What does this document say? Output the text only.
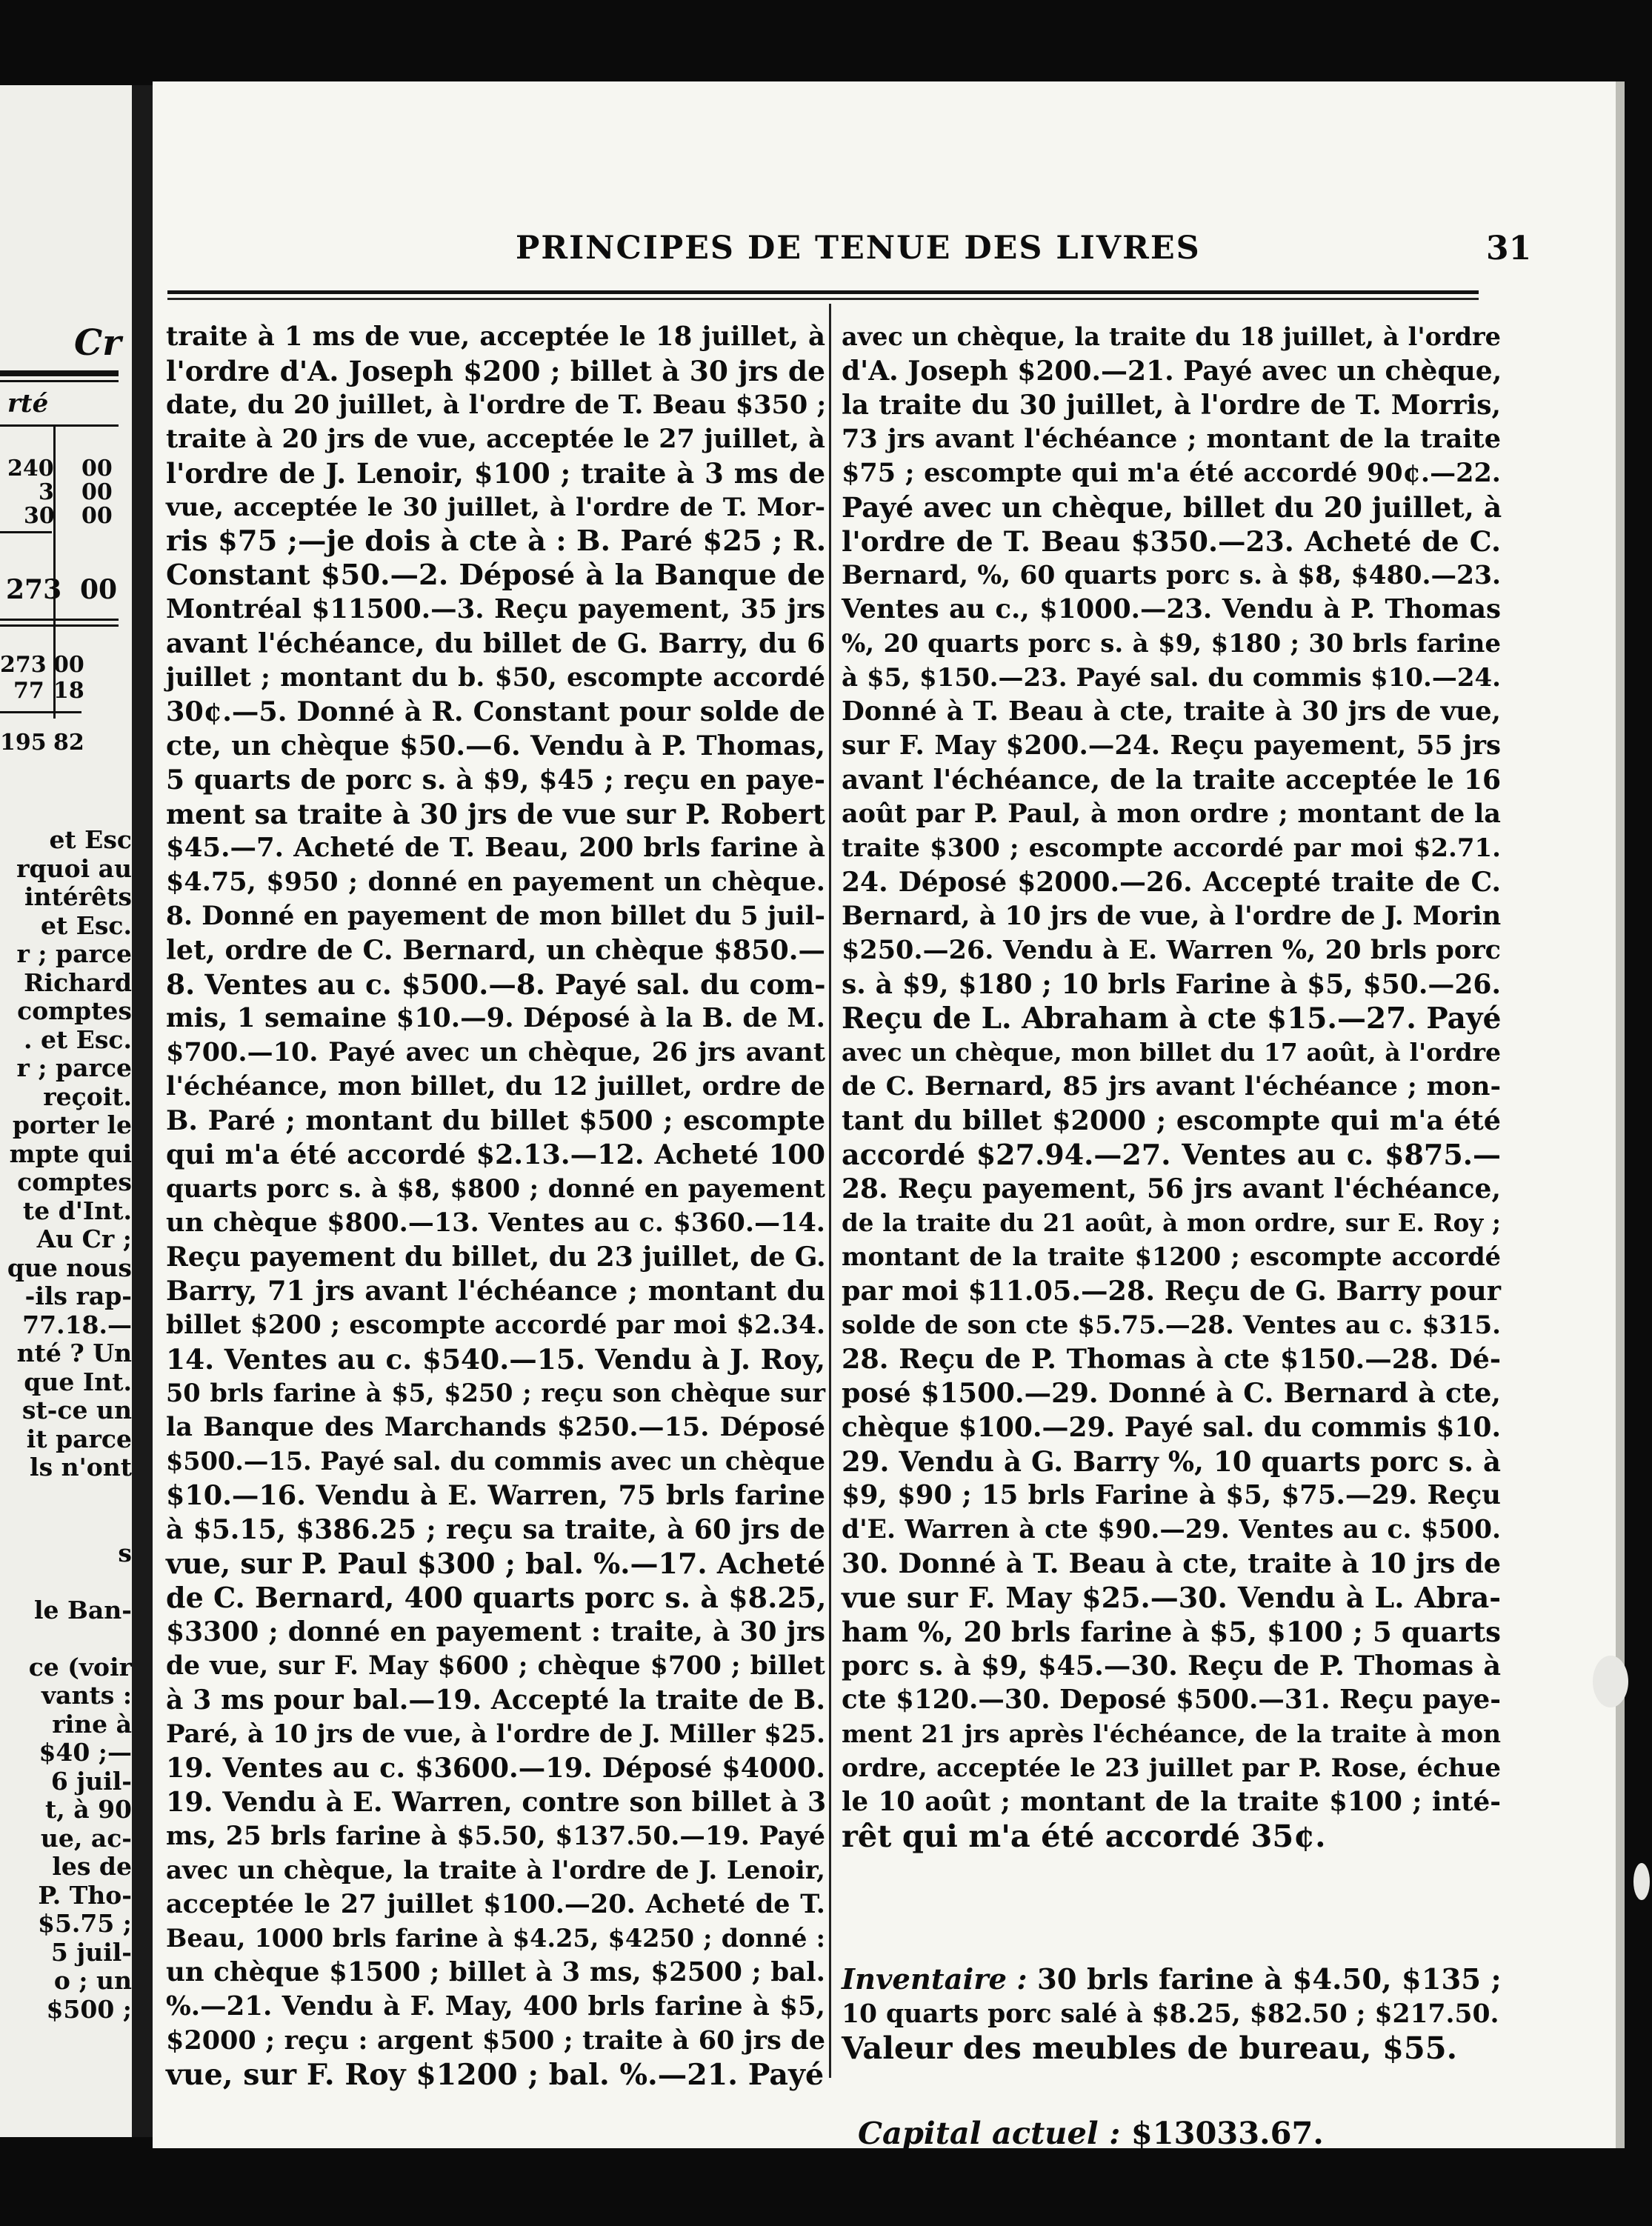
Cr
rté
240 00
3 00
30 00
273 00
273 00
77 18
195 82
et Esc
rquoi au
intérêts
et Esc.
r ; parce
Richard
comptes
. et Esc.
r ; parce
reçoit.
porter le
mpte qui
comptes
te d'Int.
Au Cr ;
que nous
-ils rap-
77.18.—
nté ? Un
que Int.
st-ce un
it parce
ls n'ont
s
le Ban-
ce (voir
vants :
rine à
$40 ;—
6 juil-
t, à 90
ue, ac-
les de
P. Tho-
$5.75 ;
5 juil-
o ; un
$500 ;
PRINCIPES DE TENUE DES LIVRES	31
traite à 1 ms de vue, acceptée le 18 juillet, à
l'ordre d'A. Joseph $200 ; billet à 30 jrs de
date, du 20 juillet, à l'ordre de T. Beau $350 ;
traite à 20 jrs de vue, acceptée le 27 juillet, à
l'ordre de J. Lenoir, $100 ; traite à 3 ms de
vue, acceptée le 30 juillet, à l'ordre de T. Mor-
ris $75 ;—je dois à cte à : B. Paré $25 ; R.
Constant $50.—2. Déposé à la Banque de
Montréal $11500.—3. Reçu payement, 35 jrs
avant l'échéance, du billet de G. Barry, du 6
juillet ; montant du b. $50, escompte accordé
30¢.—5. Donné à R. Constant pour solde de
cte, un chèque $50.—6. Vendu à P. Thomas,
5 quarts de porc s. à $9, $45 ; reçu en paye-
ment sa traite à 30 jrs de vue sur P. Robert
$45.—7. Acheté de T. Beau, 200 brls farine à
$4.75, $950 ; donné en payement un chèque.
8. Donné en payement de mon billet du 5 juil-
let, ordre de C. Bernard, un chèque $850.—
8. Ventes au c. $500.—8. Payé sal. du com-
mis, 1 semaine $10.—9. Déposé à la B. de M.
$700.—10. Payé avec un chèque, 26 jrs avant
l'échéance, mon billet, du 12 juillet, ordre de
B. Paré ; montant du billet $500 ; escompte
qui m'a été accordé $2.13.—12. Acheté 100
quarts porc s. à $8, $800 ; donné en payement
un chèque $800.—13. Ventes au c. $360.—14.
Reçu payement du billet, du 23 juillet, de G.
Barry, 71 jrs avant l'échéance ; montant du
billet $200 ; escompte accordé par moi $2.34.
14. Ventes au c. $540.—15. Vendu à J. Roy,
50 brls farine à $5, $250 ; reçu son chèque sur
la Banque des Marchands $250.—15. Déposé
$500.—15. Payé sal. du commis avec un chèque
$10.—16. Vendu à E. Warren, 75 brls farine
à $5.15, $386.25 ; reçu sa traite, à 60 jrs de
vue, sur P. Paul $300 ; bal. %.—17. Acheté
de C. Bernard, 400 quarts porc s. à $8.25,
$3300 ; donné en payement : traite, à 30 jrs
de vue, sur F. May $600 ; chèque $700 ; billet
à 3 ms pour bal.—19. Accepté la traite de B.
Paré, à 10 jrs de vue, à l'ordre de J. Miller $25.
19. Ventes au c. $3600.—19. Déposé $4000.
19. Vendu à E. Warren, contre son billet à 3
ms, 25 brls farine à $5.50, $137.50.—19. Payé
avec un chèque, la traite à l'ordre de J. Lenoir,
acceptée le 27 juillet $100.—20. Acheté de T.
Beau, 1000 brls farine à $4.25, $4250 ; donné :
un chèque $1500 ; billet à 3 ms, $2500 ; bal.
%.—21. Vendu à F. May, 400 brls farine à $5,
$2000 ; reçu : argent $500 ; traite à 60 jrs de
vue, sur F. Roy $1200 ; bal. %.—21. Payé
avec un chèque, la traite du 18 juillet, à l'ordre
d'A. Joseph $200.—21. Payé avec un chèque,
la traite du 30 juillet, à l'ordre de T. Morris,
73 jrs avant l'échéance ; montant de la traite
$75 ; escompte qui m'a été accordé 90¢.—22.
Payé avec un chèque, billet du 20 juillet, à
l'ordre de T. Beau $350.—23. Acheté de C.
Bernard, %, 60 quarts porc s. à $8, $480.—23.
Ventes au c., $1000.—23. Vendu à P. Thomas
%, 20 quarts porc s. à $9, $180 ; 30 brls farine
à $5, $150.—23. Payé sal. du commis $10.—24.
Donné à T. Beau à cte, traite à 30 jrs de vue,
sur F. May $200.—24. Reçu payement, 55 jrs
avant l'échéance, de la traite acceptée le 16
août par P. Paul, à mon ordre ; montant de la
traite $300 ; escompte accordé par moi $2.71.
24. Déposé $2000.—26. Accepté traite de C.
Bernard, à 10 jrs de vue, à l'ordre de J. Morin
$250.—26. Vendu à E. Warren %, 20 brls porc
s. à $9, $180 ; 10 brls Farine à $5, $50.—26.
Reçu de L. Abraham à cte $15.—27. Payé
avec un chèque, mon billet du 17 août, à l'ordre
de C. Bernard, 85 jrs avant l'échéance ; mon-
tant du billet $2000 ; escompte qui m'a été
accordé $27.94.—27. Ventes au c. $875.—
28. Reçu payement, 56 jrs avant l'échéance,
de la traite du 21 août, à mon ordre, sur E. Roy ;
montant de la traite $1200 ; escompte accordé
par moi $11.05.—28. Reçu de G. Barry pour
solde de son cte $5.75.—28. Ventes au c. $315.
28. Reçu de P. Thomas à cte $150.—28. Dé-
posé $1500.—29. Donné à C. Bernard à cte,
chèque $100.—29. Payé sal. du commis $10.
29. Vendu à G. Barry %, 10 quarts porc s. à
$9, $90 ; 15 brls Farine à $5, $75.—29. Reçu
d'E. Warren à cte $90.—29. Ventes au c. $500.
30. Donné à T. Beau à cte, traite à 10 jrs de
vue sur F. May $25.—30. Vendu à L. Abra-
ham %, 20 brls farine à $5, $100 ; 5 quarts
porc s. à $9, $45.—30. Reçu de P. Thomas à
cte $120.—30. Deposé $500.—31. Reçu paye-
ment 21 jrs après l'échéance, de la traite à mon
ordre, acceptée le 23 juillet par P. Rose, échue
le 10 août ; montant de la traite $100 ; inté-
rêt qui m'a été accordé 35¢.
Inventaire : 30 brls farine à $4.50, $135 ;
10 quarts porc salé à $8.25, $82.50 ; $217.50.
Valeur des meubles de bureau, $55.
Capital actuel : $13033.67.
